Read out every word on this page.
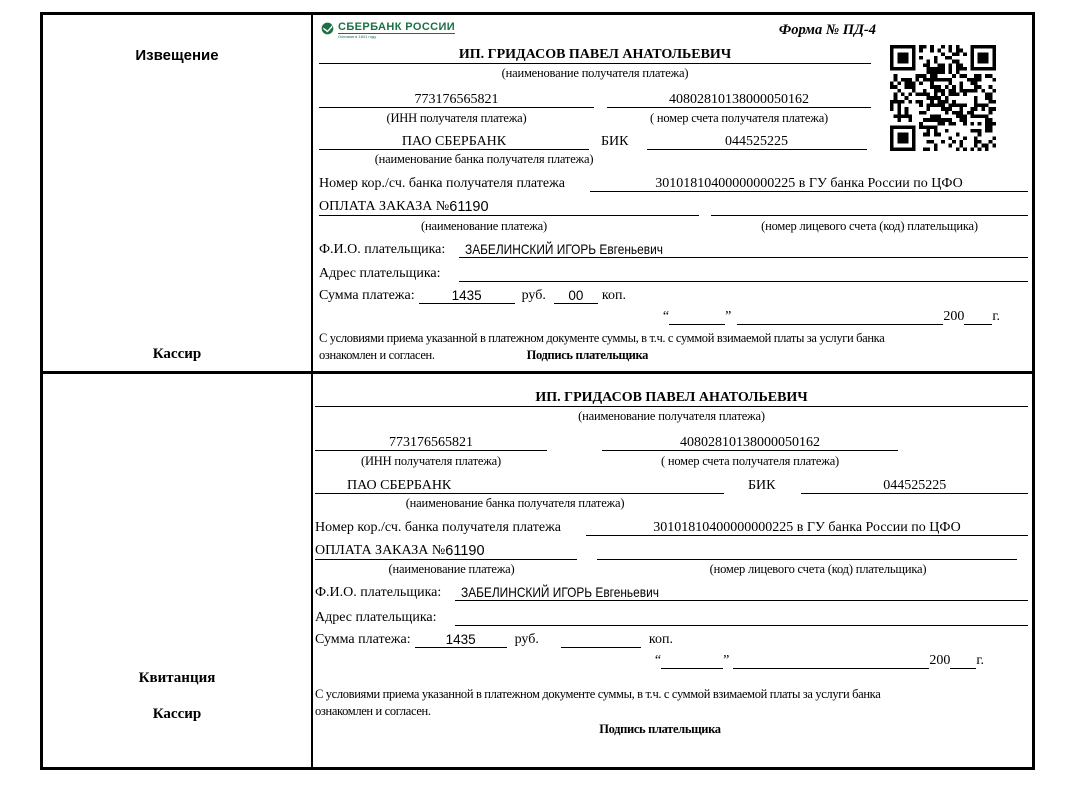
Извещение
Кассир
СБЕРБАНК РОССИИ
Основан в 1841 году	Форма № ПД-4
ИП. ГРИДАСОВ ПАВЕЛ АНАТОЛЬЕВИЧ
(наименование получателя платежа)
773176565821	40802810138000050162
(ИНН получателя платежа)	( номер счета получателя платежа)
ПАО СБЕРБАНК	БИК	044525225
(наименование банка получателя платежа)
Номер кор./сч. банка получателя платежа	30101810400000000225 в ГУ банка России по ЦФО
ОПЛАТА ЗАКАЗА № 61190
(наименование платежа)	(номер лицевого счета (код) плательщика)
Ф.И.О. плательщика: ЗАБЕЛИНСКИЙ ИГОРЬ Евгеньевич
Адрес плательщика:
Сумма платежа:	1435	руб. 00 коп.
“	”	200 г.
С условиями приема указанной в платежном документе суммы, в т.ч. с суммой взимаемой платы за услуги банка
ознакомлен и согласен.	Подпись плательщика
Квитанция
Кассир
ИП. ГРИДАСОВ ПАВЕЛ АНАТОЛЬЕВИЧ
(наименование получателя платежа)
773176565821	40802810138000050162
(ИНН получателя платежа)	( номер счета получателя платежа)
ПАО СБЕРБАНК	БИК	044525225
(наименование банка получателя платежа)
Номер кор./сч. банка получателя платежа	30101810400000000225 в ГУ банка России по ЦФО
ОПЛАТА ЗАКАЗА № 61190
(наименование платежа)	(номер лицевого счета (код) плательщика)
Ф.И.О. плательщика: ЗАБЕЛИНСКИЙ ИГОРЬ Евгеньевич
Адрес плательщика:
Сумма платежа:	1435	руб.	коп.
“	”	200 г.
С условиями приема указанной в платежном документе суммы, в т.ч. с суммой взимаемой платы за услуги банка
ознакомлен и согласен.
Подпись плательщика
